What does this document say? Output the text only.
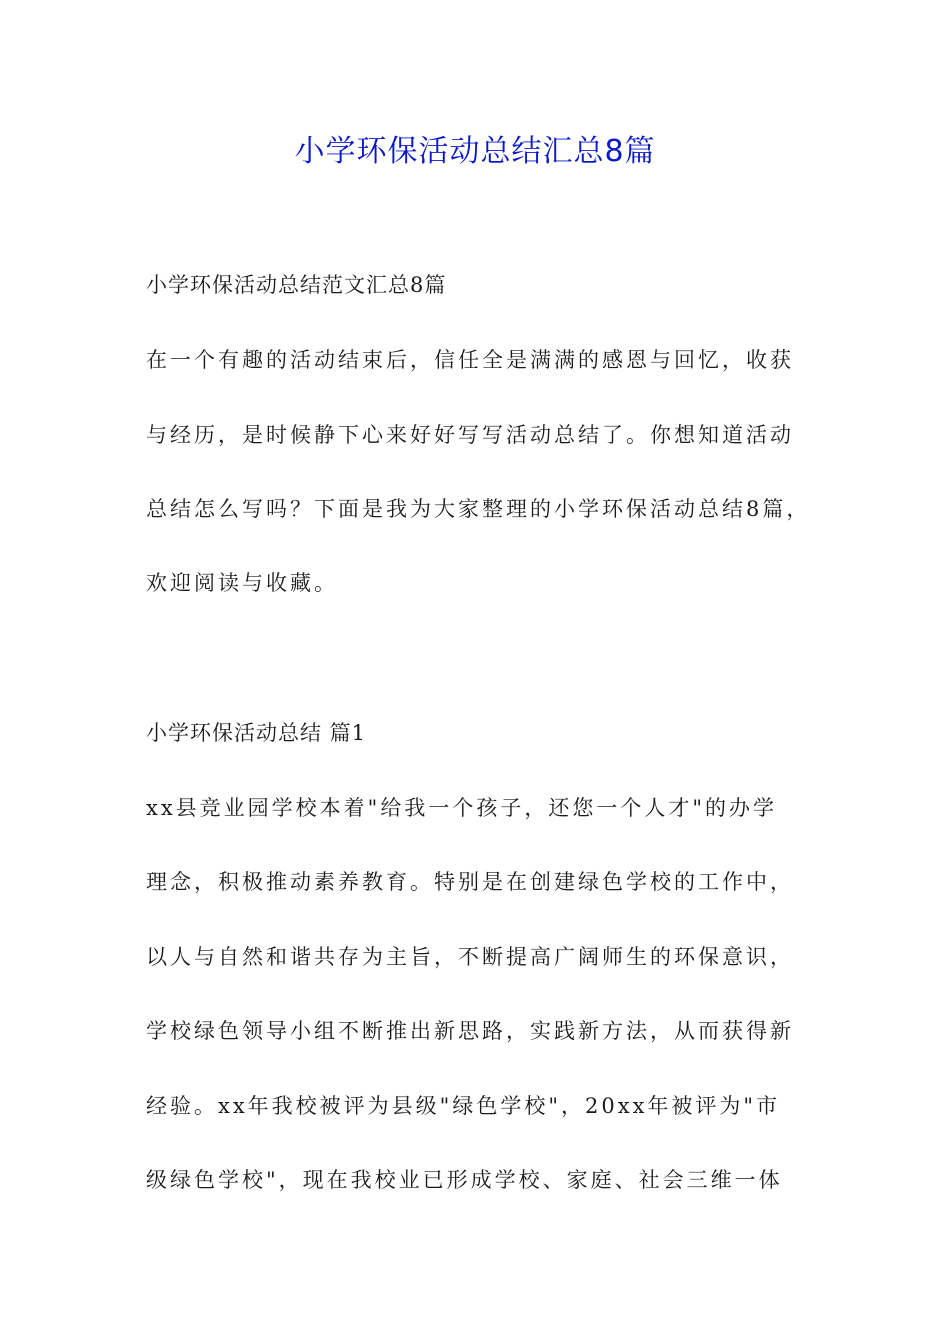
小学环保活动总结汇总8篇
小学环保活动总结范文汇总8篇
在一个有趣的活动结束后，信任全是满满的感恩与回忆，收获
与经历，是时候静下心来好好写写活动总结了。你想知道活动
总结怎么写吗？下面是我为大家整理的小学环保活动总结8篇，
欢迎阅读与收藏。
小学环保活动总结 篇1
xx县竞业园学校本着"给我一个孩子，还您一个人才"的办学
理念，积极推动素养教育。特别是在创建绿色学校的工作中，
以人与自然和谐共存为主旨，不断提高广阔师生的环保意识，
学校绿色领导小组不断推出新思路，实践新方法，从而获得新
经验。xx年我校被评为县级"绿色学校"，20xx年被评为"市
级绿色学校"，现在我校业已形成学校、家庭、社会三维一体
